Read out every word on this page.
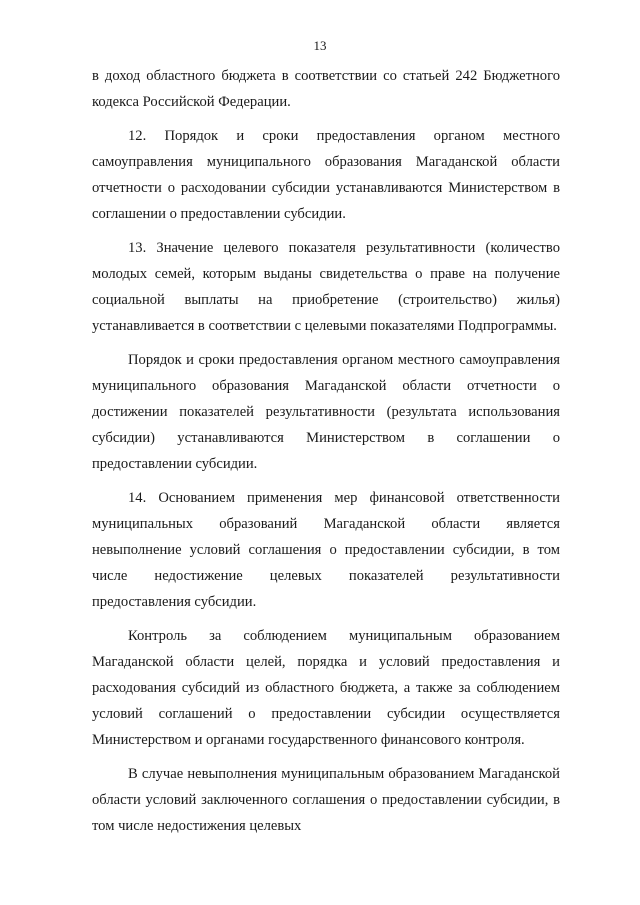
13

в доход областного бюджета в соответствии со статьей 242 Бюджетного кодекса Российской Федерации.

12. Порядок и сроки предоставления органом местного самоуправления муниципального образования Магаданской области отчетности о расходовании субсидии устанавливаются Министерством в соглашении о предоставлении субсидии.

13. Значение целевого показателя результативности (количество молодых семей, которым выданы свидетельства о праве на получение социальной выплаты на приобретение (строительство) жилья) устанавливается в соответствии с целевыми показателями Подпрограммы.

Порядок и сроки предоставления органом местного самоуправления муниципального образования Магаданской области отчетности о достижении показателей результативности (результата использования субсидии) устанавливаются Министерством в соглашении о предоставлении субсидии.

14. Основанием применения мер финансовой ответственности муниципальных образований Магаданской области является невыполнение условий соглашения о предоставлении субсидии, в том числе недостижение целевых показателей результативности предоставления субсидии.

Контроль за соблюдением муниципальным образованием Магаданской области целей, порядка и условий предоставления и расходования субсидий из областного бюджета, а также за соблюдением условий соглашений о предоставлении субсидии осуществляется Министерством и органами государственного финансового контроля.

В случае невыполнения муниципальным образованием Магаданской области условий заключенного соглашения о предоставлении субсидии, в том числе недостижения целевых
